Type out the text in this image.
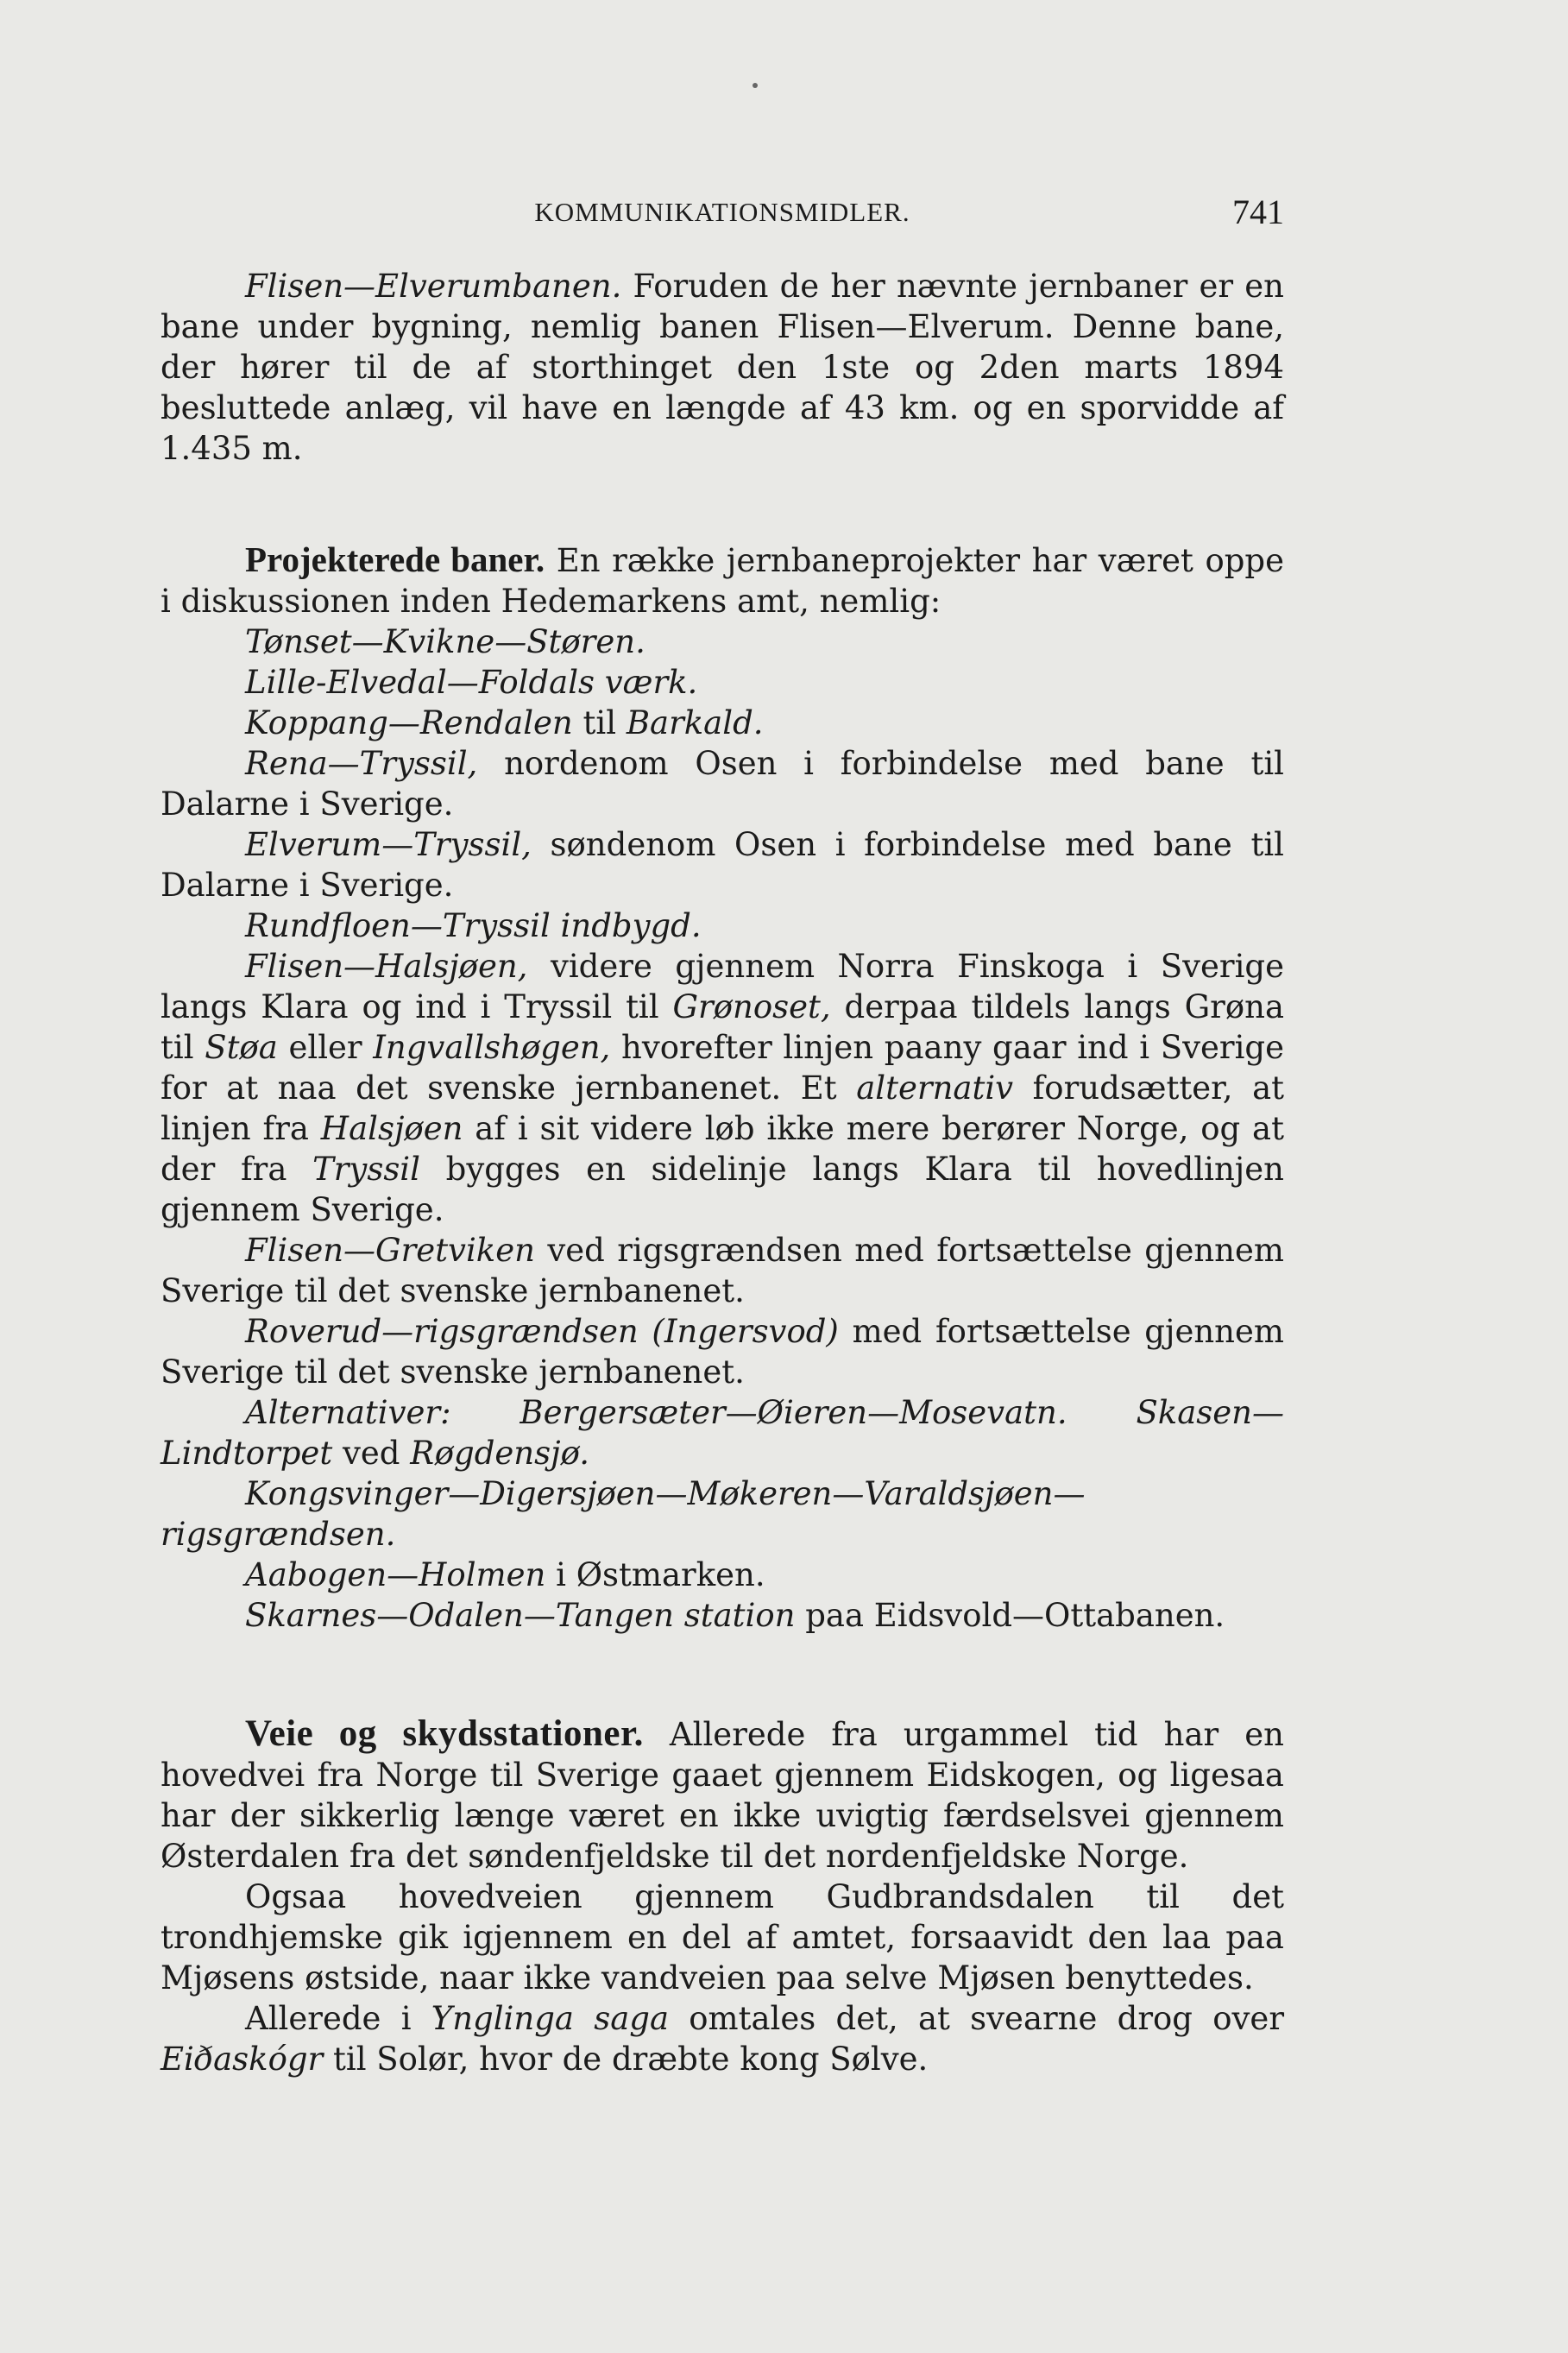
KOMMUNIKATIONSMIDLER.	741

Flisen—Elverumbanen. Foruden de her nævnte jernbaner er en bane under bygning, nemlig banen Flisen—Elverum. Denne bane, der hører til de af storthinget den 1ste og 2den marts 1894 besluttede anlæg, vil have en længde af 43 km. og en sporvidde af 1.435 m.

Projekterede baner. En række jernbaneprojekter har været oppe i diskussionen inden Hedemarkens amt, nemlig:

Tønset—Kvikne—Støren.

Lille-Elvedal—Foldals værk.

Koppang—Rendalen til Barkald.

Rena—Tryssil, nordenom Osen i forbindelse med bane til Dalarne i Sverige.

Elverum—Tryssil, søndenom Osen i forbindelse med bane til Dalarne i Sverige.

Rundfloen—Tryssil indbygd.

Flisen—Halsjøen, videre gjennem Norra Finskoga i Sverige langs Klara og ind i Tryssil til Grønoset, derpaa tildels langs Grøna til Støa eller Ingvallshøgen, hvorefter linjen paany gaar ind i Sverige for at naa det svenske jernbanenet. Et alternativ forudsætter, at linjen fra Halsjøen af i sit videre løb ikke mere berører Norge, og at der fra Tryssil bygges en sidelinje langs Klara til hovedlinjen gjennem Sverige.

Flisen—Gretviken ved rigsgrændsen med fortsættelse gjennem Sverige til det svenske jernbanenet.

Roverud—rigsgrændsen (Ingersvod) med fortsættelse gjennem Sverige til det svenske jernbanenet.

Alternativer: Bergersæter—Øieren—Mosevatn. Skasen—Lindtorpet ved Røgdensjø.

Kongsvinger—Digersjøen—Møkeren—Varaldsjøen—rigsgrændsen.

Aabogen—Holmen i Østmarken.

Skarnes—Odalen—Tangen station paa Eidsvold—Ottabanen.

Veie og skydsstationer. Allerede fra urgammel tid har en hovedvei fra Norge til Sverige gaaet gjennem Eidskogen, og ligesaa har der sikkerlig længe været en ikke uvigtig færdselsvei gjennem Østerdalen fra det søndenfjeldske til det nordenfjeldske Norge.

Ogsaa hovedveien gjennem Gudbrandsdalen til det trondhjemske gik igjennem en del af amtet, forsaavidt den laa paa Mjøsens østside, naar ikke vandveien paa selve Mjøsen benyttedes.

Allerede i Ynglinga saga omtales det, at svearne drog over Eiðaskógr til Solør, hvor de dræbte kong Sølve.
